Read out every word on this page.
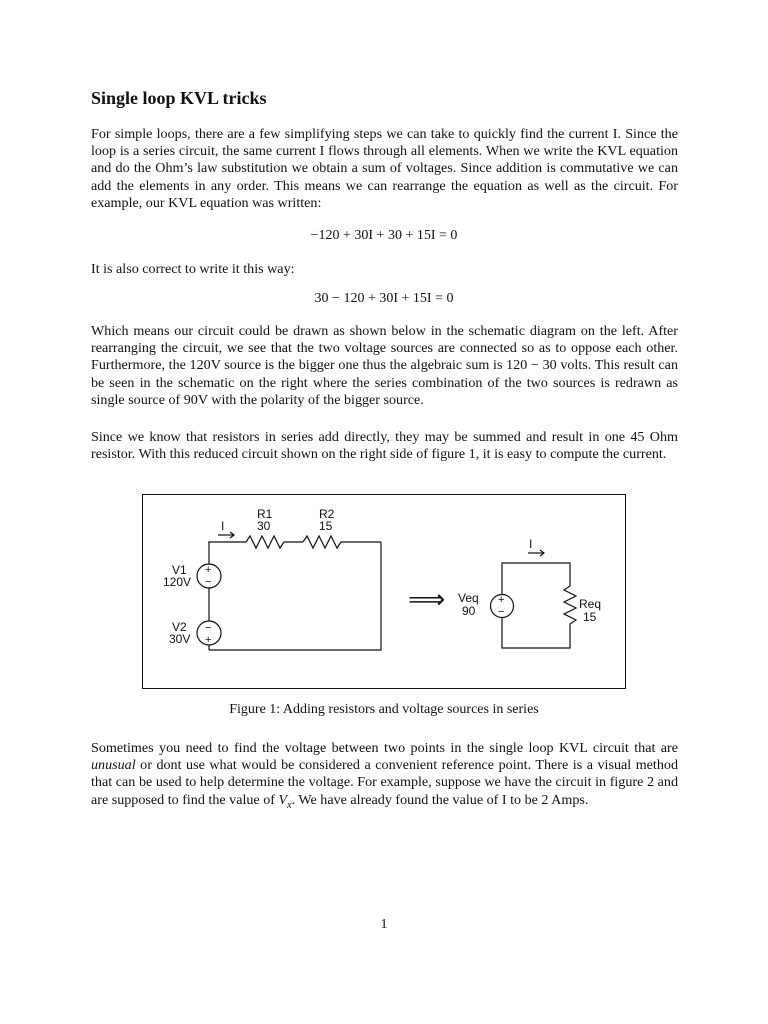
Single loop KVL tricks

For simple loops, there are a few simplifying steps we can take to quickly find the current I. Since the loop is a series circuit, the same current I flows through all elements. When we write the KVL equation and do the Ohm’s law substitution we obtain a sum of voltages. Since addition is commutative we can add the elements in any order. This means we can rearrange the equation as well as the circuit. For example, our KVL equation was written:

−120 + 30I + 30 + 15I = 0

It is also correct to write it this way:

30 − 120 + 30I + 15I = 0

Which means our circuit could be drawn as shown below in the schematic diagram on the left. After rearranging the circuit, we see that the two voltage sources are connected so as to oppose each other. Furthermore, the 120V source is the bigger one thus the algebraic sum is 120 − 30 volts. This result can be seen in the schematic on the right where the series combination of the two sources is redrawn as single source of 90V with the polarity of the bigger source.

Since we know that resistors in series add directly, they may be summed and result in one 45 Ohm resistor. With this reduced circuit shown on the right side of figure 1, it is easy to compute the current.

I
R1
30
R2
15
V1
120V
+
−
V2
30V
−
+
⟹
I
Veq
90
+
−
Req
15

Figure 1: Adding resistors and voltage sources in series

Sometimes you need to find the voltage between two points in the single loop KVL circuit that are unusual or dont use what would be considered a convenient reference point. There is a visual method that can be used to help determine the voltage. For example, suppose we have the circuit in figure 2 and are supposed to find the value of $V_x$. We have already found the value of I to be 2 Amps.

1
